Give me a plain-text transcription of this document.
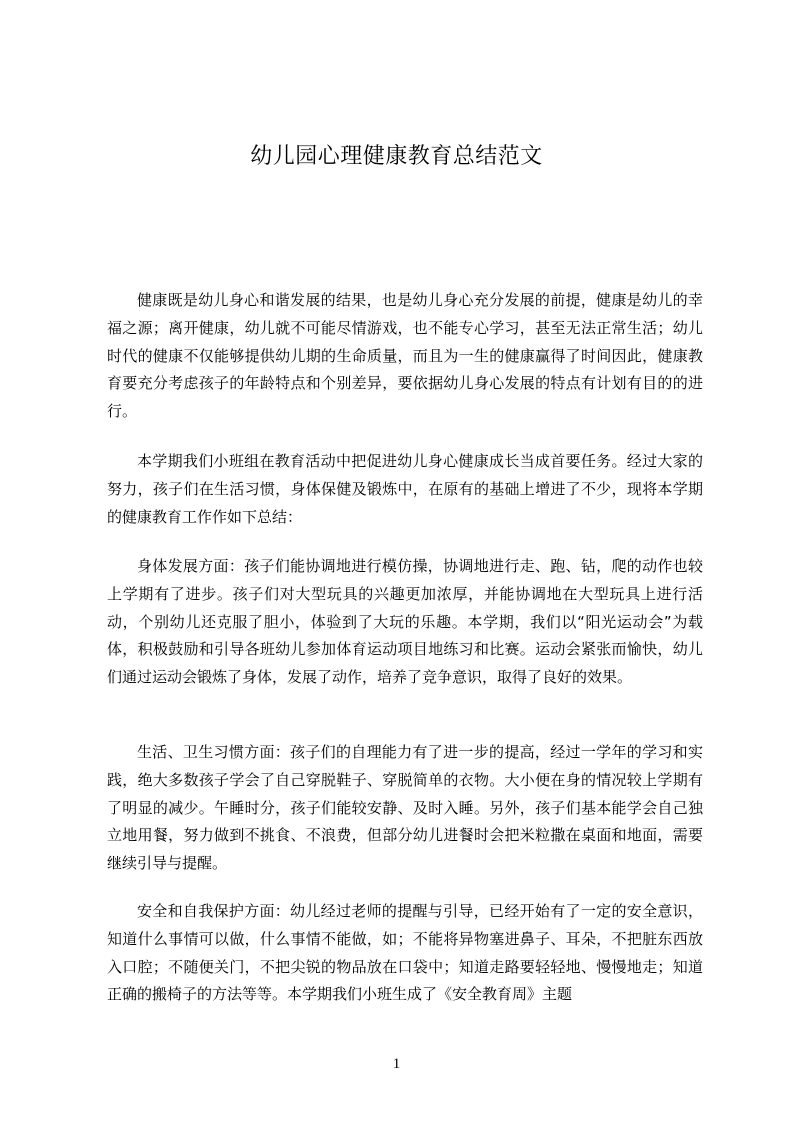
幼儿园心理健康教育总结范文

健康既是幼儿身心和谐发展的结果，也是幼儿身心充分发展的前提，健康是幼儿的幸福之源；离开健康，幼儿就不可能尽情游戏，也不能专心学习，甚至无法正常生活；幼儿时代的健康不仅能够提供幼儿期的生命质量，而且为一生的健康赢得了时间因此，健康教育要充分考虑孩子的年龄特点和个别差异，要依据幼儿身心发展的特点有计划有目的的进行。

本学期我们小班组在教育活动中把促进幼儿身心健康成长当成首要任务。经过大家的努力，孩子们在生活习惯，身体保健及锻炼中，在原有的基础上增进了不少，现将本学期的健康教育工作作如下总结：

身体发展方面：孩子们能协调地进行模仿操，协调地进行走、跑、钻，爬的动作也较上学期有了进步。孩子们对大型玩具的兴趣更加浓厚，并能协调地在大型玩具上进行活动，个别幼儿还克服了胆小，体验到了大玩的乐趣。本学期，我们以“阳光运动会”为载体，积极鼓励和引导各班幼儿参加体育运动项目地练习和比赛。运动会紧张而愉快，幼儿们通过运动会锻炼了身体，发展了动作，培养了竞争意识，取得了良好的效果。

生活、卫生习惯方面：孩子们的自理能力有了进一步的提高，经过一学年的学习和实践，绝大多数孩子学会了自己穿脱鞋子、穿脱简单的衣物。大小便在身的情况较上学期有了明显的减少。午睡时分，孩子们能较安静、及时入睡。另外，孩子们基本能学会自己独立地用餐，努力做到不挑食、不浪费，但部分幼儿进餐时会把米粒撒在桌面和地面，需要继续引导与提醒。

安全和自我保护方面：幼儿经过老师的提醒与引导，已经开始有了一定的安全意识，知道什么事情可以做，什么事情不能做，如；不能将异物塞进鼻子、耳朵，不把脏东西放入口腔；不随便关门，不把尖锐的物品放在口袋中；知道走路要轻轻地、慢慢地走；知道正确的搬椅子的方法等等。本学期我们小班生成了《安全教育周》主题

1
